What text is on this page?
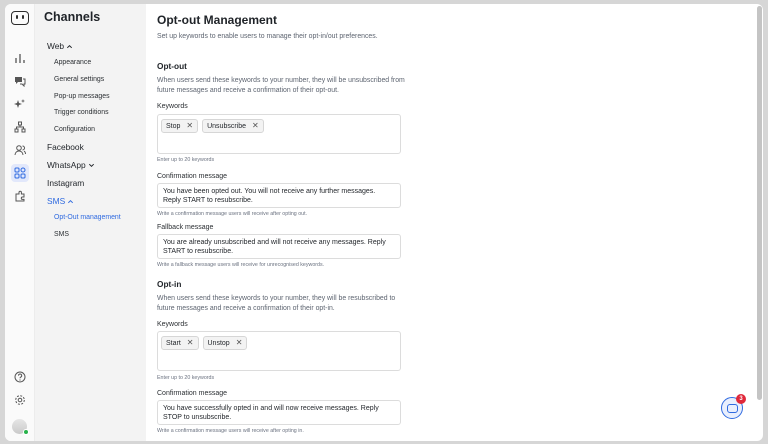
Channels
Web
Appearance
General settings
Pop-up messages
Trigger conditions
Configuration
Facebook
WhatsApp
Instagram
SMS
Opt-Out management
SMS
Opt-out Management
Set up keywords to enable users to manage their opt-in/out preferences.
Opt-out
When users send these keywords to your number, they will be unsubscribed from future messages and receive a confirmation of their opt-out.
Keywords
Stop ✕ Unsubscribe ✕
Enter up to 20 keywords
Confirmation message
You have been opted out. You will not receive any further messages. Reply START to resubscribe.
Write a confirmation message users will receive after opting out.
Fallback message
You are already unsubscribed and will not receive any messages. Reply START to resubscribe.
Write a fallback message users will receive for unrecognised keywords.
Opt-in
When users send these keywords to your number, they will be resubscribed to future messages and receive a confirmation of their opt-in.
Keywords
Start ✕ Unstop ✕
Enter up to 20 keywords
Confirmation message
You have successfully opted in and will now receive messages. Reply STOP to unsubscribe.
Write a confirmation message users will receive after opting in.
3
